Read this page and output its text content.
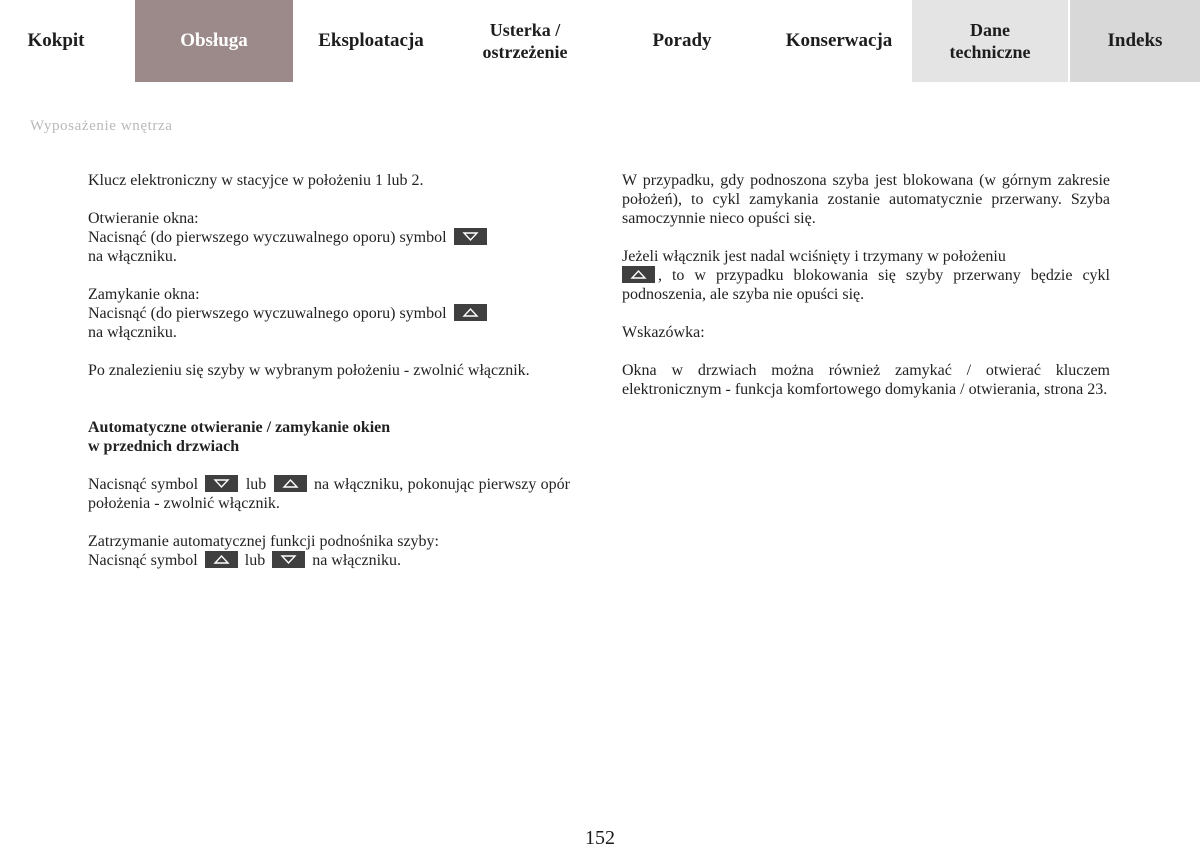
Kokpit	Obsługa	Eksploatacja	Usterka /
ostrzeżenie
Porady	Konserwacja	Dane
techniczne
Indeks
Wyposażenie wnętrza

Klucz elektroniczny w stacyjce w położeniu 1 lub 2.

Otwieranie okna:
Nacisnąć (do pierwszego wyczuwalnego oporu) symbol

na włączniku.

Zamykanie okna:
Nacisnąć (do pierwszego wyczuwalnego oporu) symbol

na włączniku.

Po znalezieniu się szyby w wybranym położeniu - zwolnić włącznik.

Automatyczne otwieranie / zamykanie okien
w przednich drzwiach

Nacisnąć symbol	lub	na włączniku, pokonując pierwszy opór położenia - zwolnić włącznik.

Zatrzymanie automatycznej funkcji podnośnika szyby:
Nacisnąć symbol	lub	na włączniku.

W przypadku, gdy podnoszona szyba jest blokowana (w górnym zakresie położeń), to cykl zamykania zostanie automatycznie przerwany. Szyba samoczynnie nieco opuści się.

Jeżeli włącznik jest nadal wciśnięty i trzymany w położeniu

, to w przypadku blokowania się szyby przerwany będzie cykl podnoszenia, ale szyba nie opuści się.

Wskazówka:

Okna w drzwiach można również zamykać / otwierać kluczem elektronicznym - funkcja komfortowego domykania / otwierania, strona 23.

152
